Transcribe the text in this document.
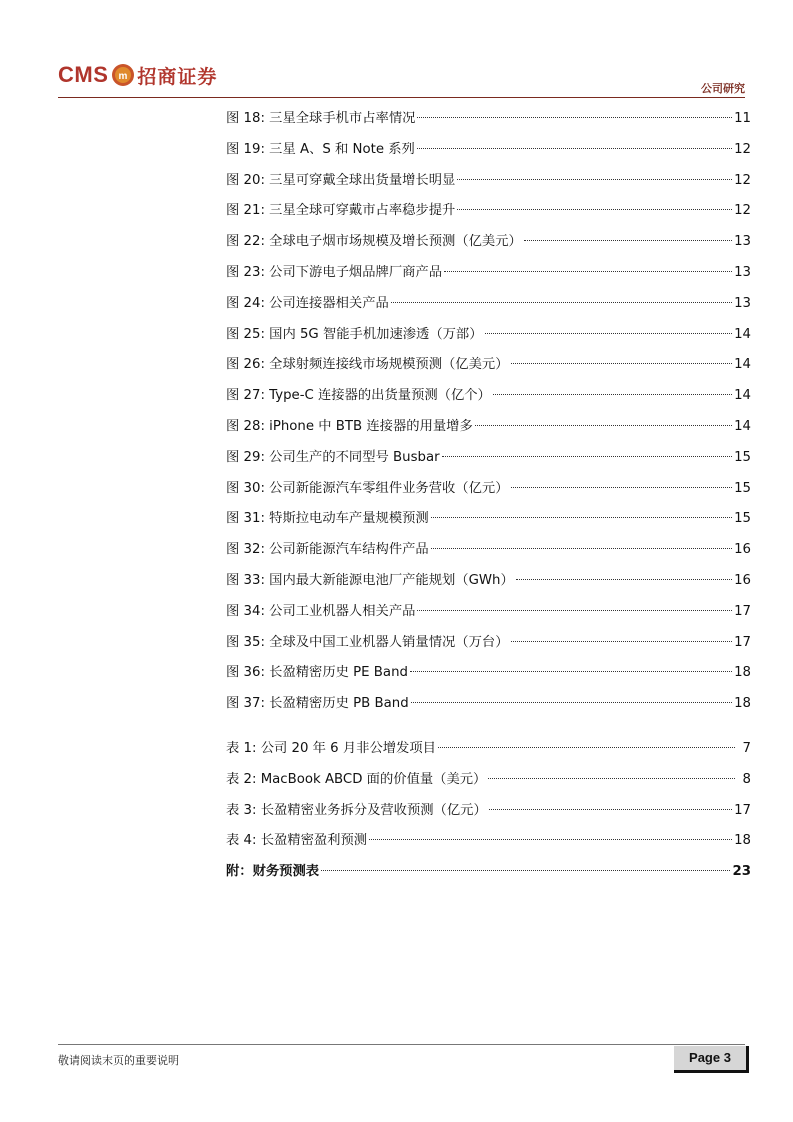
CMS m 招商证券
公司研究
图 18: 三星全球手机市占率情况	11
图 19: 三星 A、S 和 Note 系列	12
图 20: 三星可穿戴全球出货量增长明显	12
图 21: 三星全球可穿戴市占率稳步提升	12
图 22: 全球电子烟市场规模及增长预测（亿美元）	13
图 23: 公司下游电子烟品牌厂商产品	13
图 24: 公司连接器相关产品	13
图 25: 国内 5G 智能手机加速渗透（万部）	14
图 26: 全球射频连接线市场规模预测（亿美元）	14
图 27: Type-C 连接器的出货量预测（亿个）	14
图 28: iPhone 中 BTB 连接器的用量增多	14
图 29: 公司生产的不同型号 Busbar	15
图 30: 公司新能源汽车零组件业务营收（亿元）	15
图 31: 特斯拉电动车产量规模预测	15
图 32: 公司新能源汽车结构件产品	16
图 33: 国内最大新能源电池厂产能规划（GWh）	16
图 34: 公司工业机器人相关产品	17
图 35: 全球及中国工业机器人销量情况（万台）	17
图 36: 长盈精密历史 PE Band	18
图 37: 长盈精密历史 PB Band	18
表 1: 公司 20 年 6 月非公增发项目	7
表 2: MacBook ABCD 面的价值量（美元）	8
表 3: 长盈精密业务拆分及营收预测（亿元）	17
表 4: 长盈精密盈利预测	18
附：财务预测表	23
敬请阅读末页的重要说明	Page 3
